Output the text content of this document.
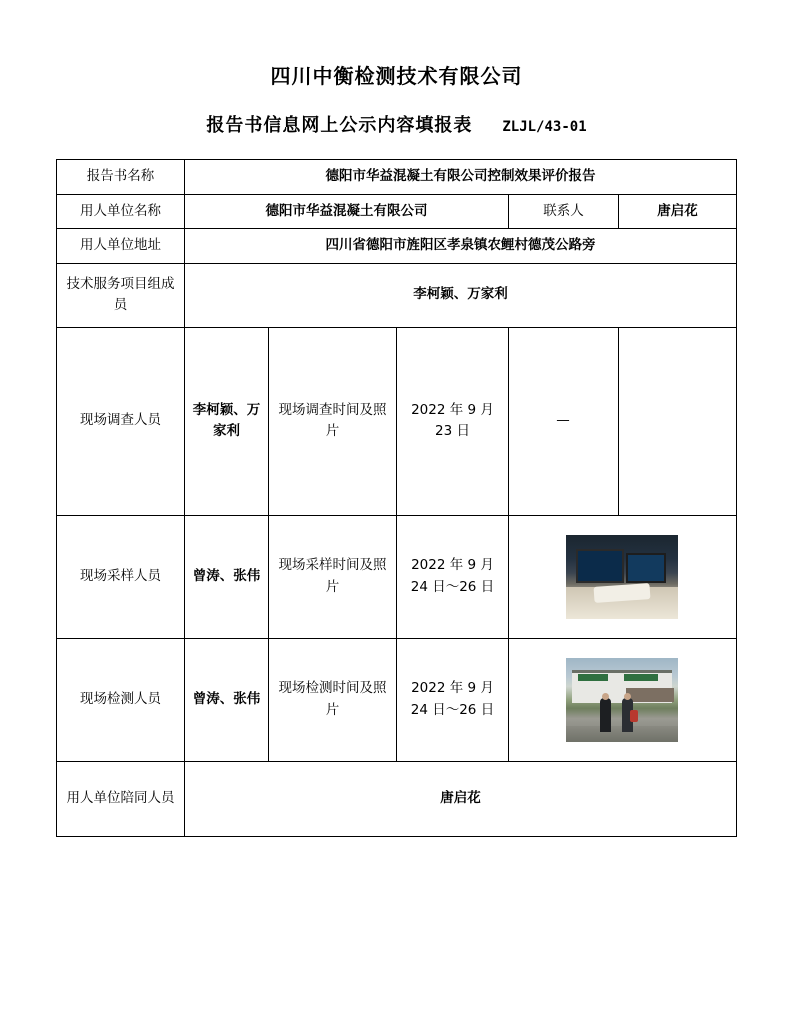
四川中衡检测技术有限公司
报告书信息网上公示内容填报表 ZLJL/43-01
报告书名称	德阳市华益混凝土有限公司控制效果评价报告				
用人单位名称	德阳市华益混凝土有限公司			联系人	唐启花
用人单位地址	四川省德阳市旌阳区孝泉镇农鲤村德茂公路旁				
技术服务项目组成员	李柯颖、万家利				
现场调查人员	李柯颖、万家利	现场调查时间及照片	2022 年 9 月 23 日	—	
现场采样人员	曾涛、张伟	现场采样时间及照片	2022 年 9 月 24 日～26 日		

现场检测人员	曾涛、张伟	现场检测时间及照片	2022 年 9 月 24 日～26 日		

用人单位陪同人员	唐启花				
